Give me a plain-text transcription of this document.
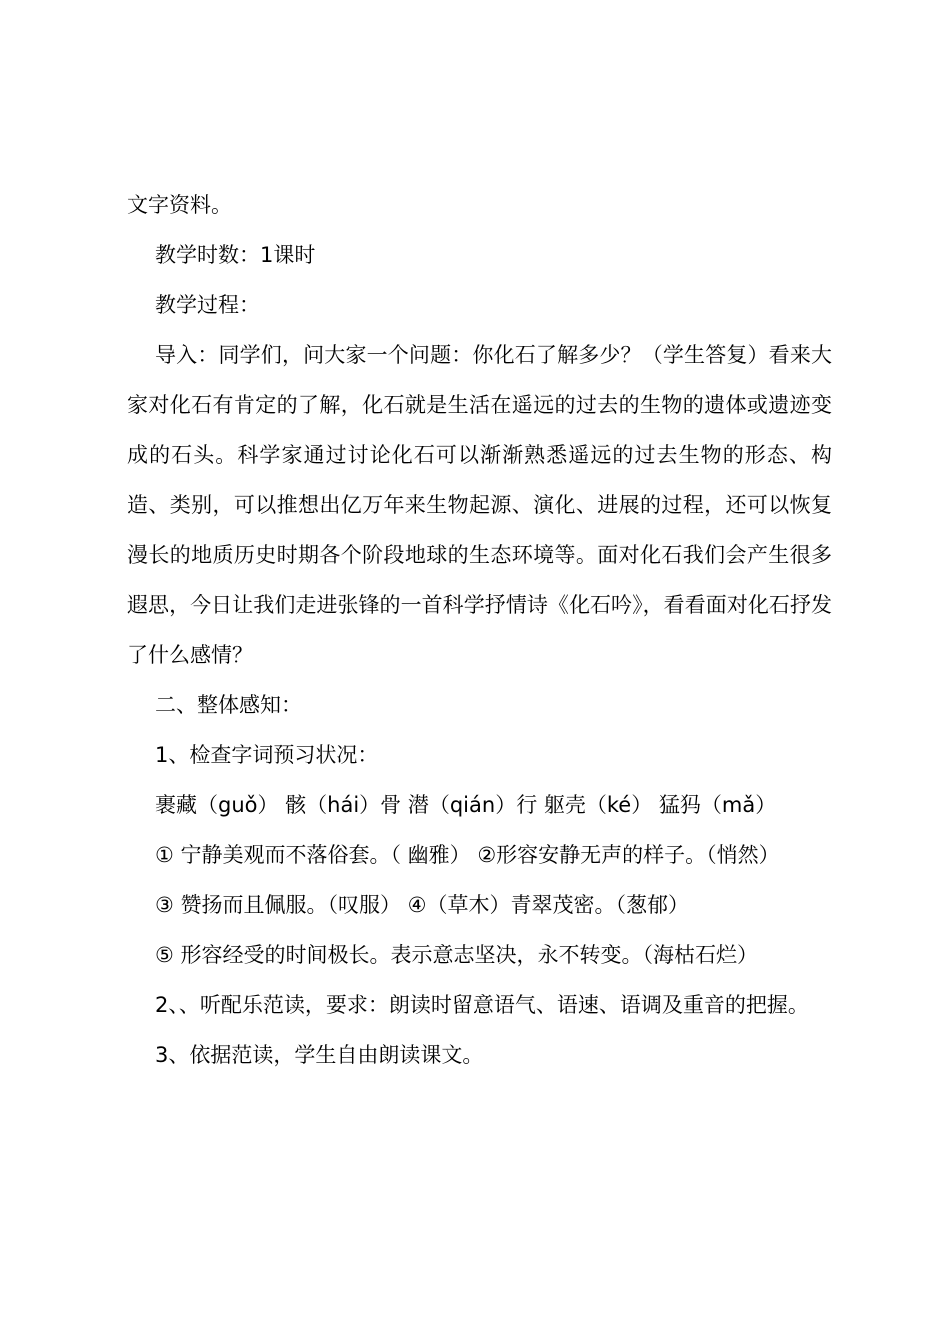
文字资料。

教学时数：1课时

教学过程：

导入：同学们，问大家一个问题：你化石了解多少？（学生答复）看来大家对化石有肯定的了解，化石就是生活在遥远的过去的生物的遗体或遗迹变成的石头。科学家通过讨论化石可以渐渐熟悉遥远的过去生物的形态、构造、类别，可以推想出亿万年来生物起源、演化、进展的过程，还可以恢复漫长的地质历史时期各个阶段地球的生态环境等。面对化石我们会产生很多遐思，今日让我们走进张锋的一首科学抒情诗《化石吟》，看看面对化石抒发了什么感情？

二、整体感知：

1、检查字词预习状况：

裹藏（guǒ） 骸（hái）骨 潜（qián）行 躯壳（ké） 猛犸（mǎ）

① 宁静美观而不落俗套。（ 幽雅） ②形容安静无声的样子。（悄然）

③ 赞扬而且佩服。（叹服） ④（草木）青翠茂密。（葱郁）

⑤ 形容经受的时间极长。表示意志坚决，永不转变。（海枯石烂）

2、、听配乐范读，要求：朗读时留意语气、语速、语调及重音的把握。

3、依据范读，学生自由朗读课文。
